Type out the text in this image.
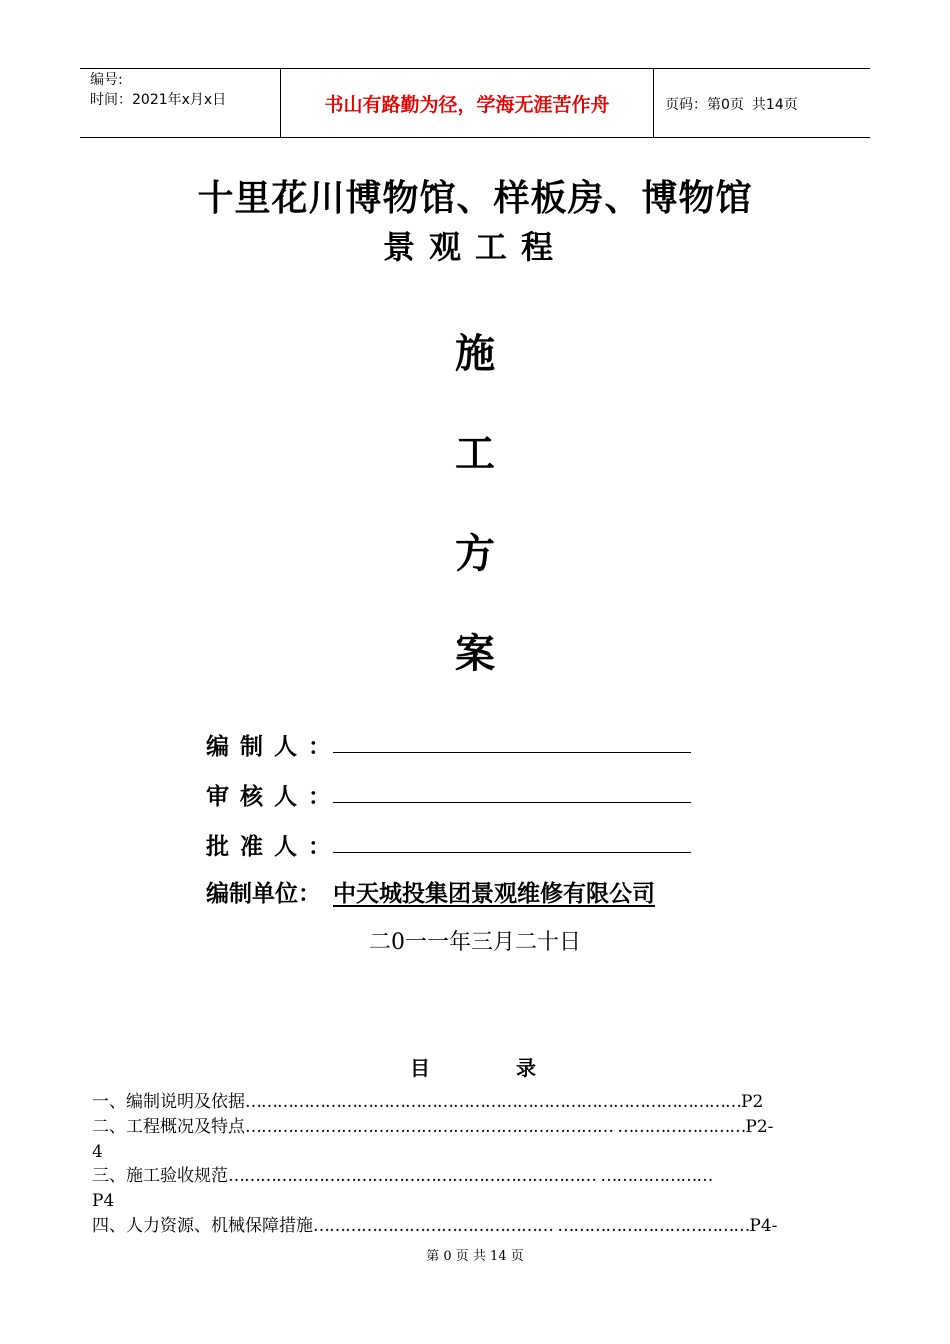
编号:
时间：2021年x月x日	书山有路勤为径，学海无涯苦作舟	页码：第0页 共14页
十里花川博物馆、样板房、博物馆
景观工程
施
工
方
案
编制人：
审核人：
批准人：
编制单位： 中天城投集团景观维修有限公司
二0一一年三月二十日
目	录
一、编制说明及依据…………………………………………………………………………………P2
二、工程概况及特点…………………………………………………………… ……………………P2-
4
三、施工验收规范…………………………………………………………… …………………
P4
四、人力资源、机械保障措施……………………………………… ………………………………P4-
第 0 页 共 14 页
